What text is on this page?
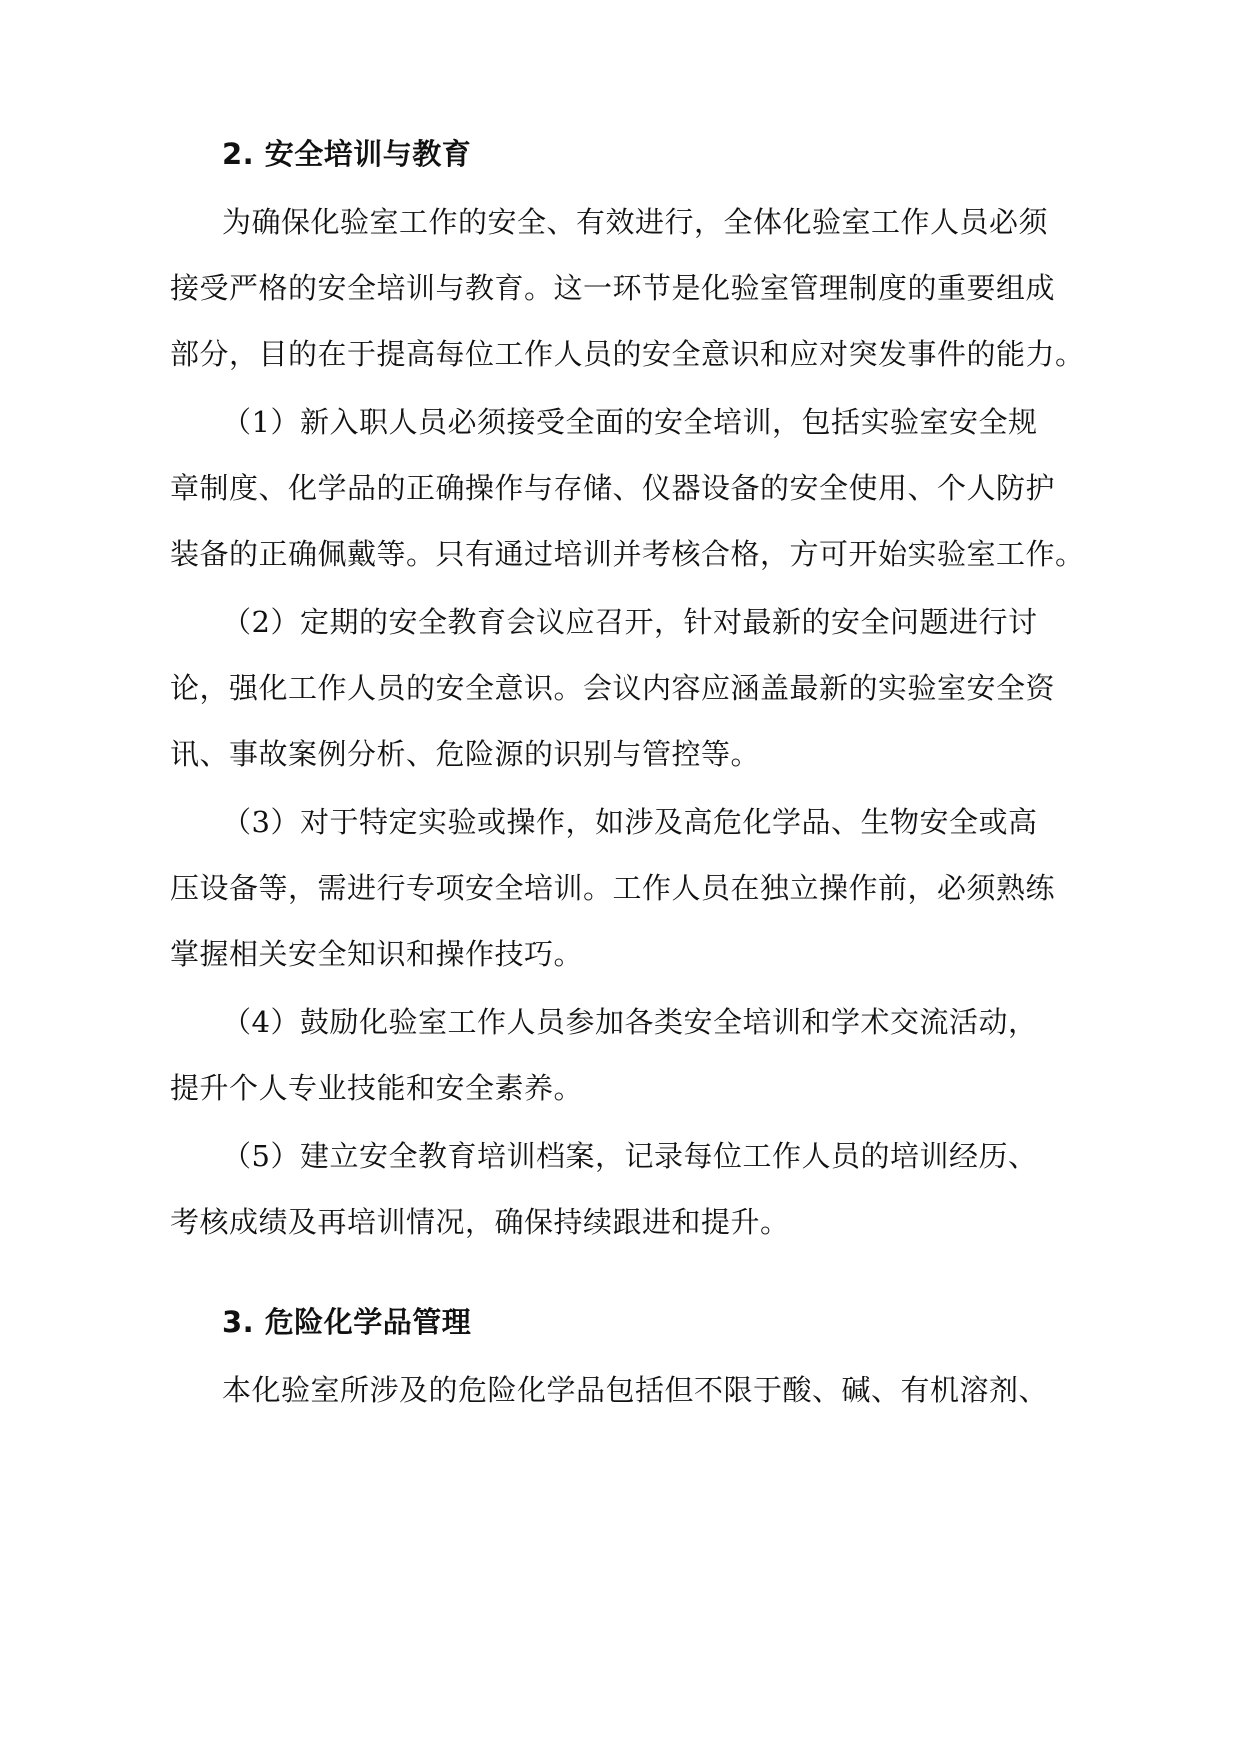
2. 安全培训与教育
为确保化验室工作的安全、有效进行，全体化验室工作人员必须
接受严格的安全培训与教育。这一环节是化验室管理制度的重要组成
部分，目的在于提高每位工作人员的安全意识和应对突发事件的能力。
（1）新入职人员必须接受全面的安全培训，包括实验室安全规
章制度、化学品的正确操作与存储、仪器设备的安全使用、个人防护
装备的正确佩戴等。只有通过培训并考核合格，方可开始实验室工作。
（2）定期的安全教育会议应召开，针对最新的安全问题进行讨
论，强化工作人员的安全意识。会议内容应涵盖最新的实验室安全资
讯、事故案例分析、危险源的识别与管控等。
（3）对于特定实验或操作，如涉及高危化学品、生物安全或高
压设备等，需进行专项安全培训。工作人员在独立操作前，必须熟练
掌握相关安全知识和操作技巧。
（4）鼓励化验室工作人员参加各类安全培训和学术交流活动，
提升个人专业技能和安全素养。
（5）建立安全教育培训档案，记录每位工作人员的培训经历、
考核成绩及再培训情况，确保持续跟进和提升。
3. 危险化学品管理
本化验室所涉及的危险化学品包括但不限于酸、碱、有机溶剂、
